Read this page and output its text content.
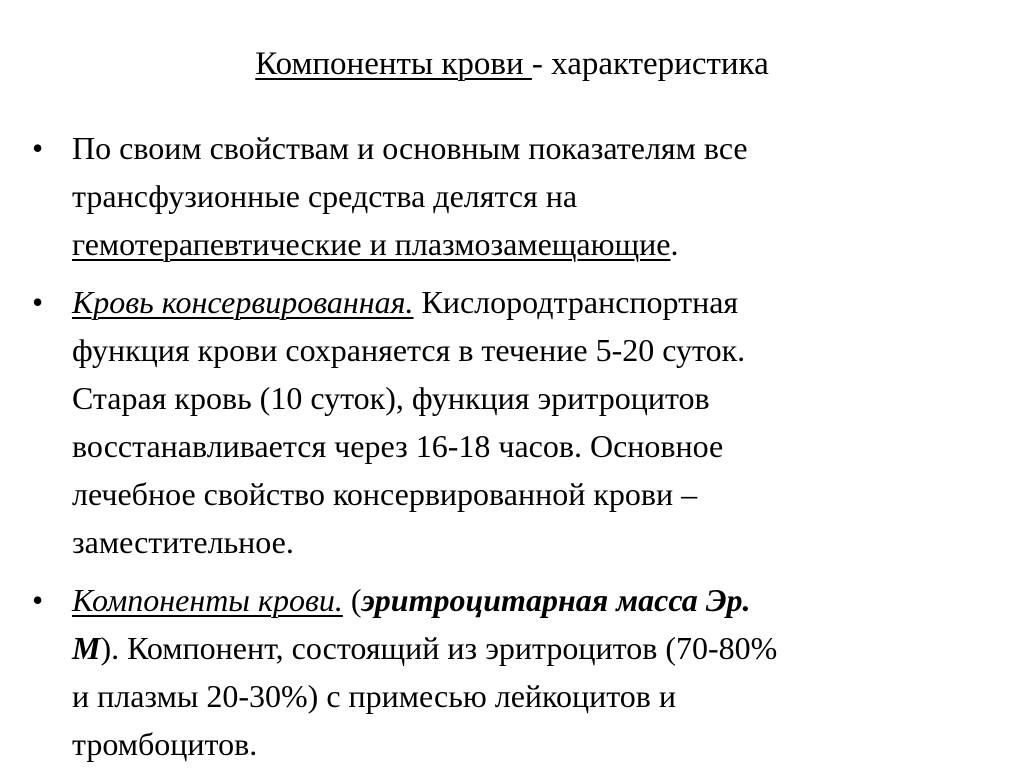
Компоненты крови - характеристика
• По своим свойствам и основным показателям все
трансфузионные средства делятся на
гемотерапевтические и плазмозамещающие.
• Кровь консервированная. Кислородтранспортная
функция крови сохраняется в течение 5-20 суток.
Старая кровь (10 суток), функция эритроцитов
восстанавливается через 16-18 часов. Основное
лечебное свойство консервированной крови –
заместительное.
• Компоненты крови. (эритроцитарная масса Эр.
М). Компонент, состоящий из эритроцитов (70-80%
и плазмы 20-30%) с примесью лейкоцитов и
тромбоцитов.
